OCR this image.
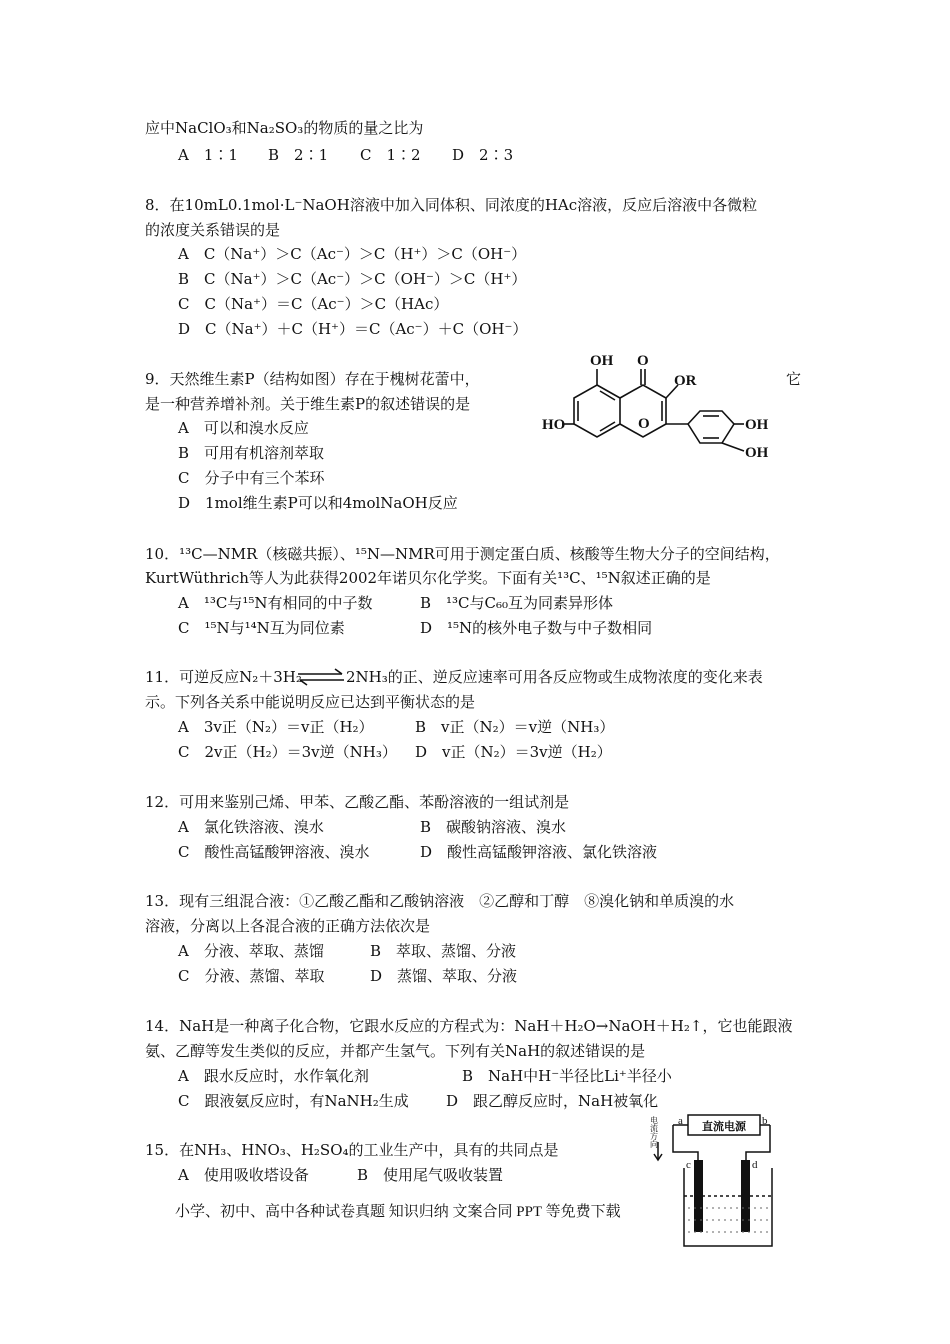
应中NaClO₃和Na₂SO₃的物质的量之比为
A　1∶1 B　2∶1 C　1∶2 D　2∶3
8．在10mL0.1mol·L⁻NaOH溶液中加入同体积、同浓度的HAc溶液，反应后溶液中各微粒
的浓度关系错误的是
A　C（Na⁺）＞C（Ac⁻）＞C（H⁺）＞C（OH⁻）
B　C（Na⁺）＞C（Ac⁻）＞C（OH⁻）＞C（H⁺）
C　C（Na⁺）＝C（Ac⁻）＞C（HAc）
D　C（Na⁺）＋C（H⁺）＝C（Ac⁻）＋C（OH⁻）
9．天然维生素P（结构如图）存在于槐树花蕾中，	它
是一种营养增补剂。关于维生素P的叙述错误的是
A　可以和溴水反应
B　可用有机溶剂萃取
C　分子中有三个苯环
D　1mol维生素P可以和4molNaOH反应
OH O
OR
HO	O	OH
OH
10．¹³C—NMR（核磁共振）、¹⁵N—NMR可用于测定蛋白质、核酸等生物大分子的空间结构，
KurtWüthrich等人为此获得2002年诺贝尔化学奖。下面有关¹³C、¹⁵N叙述正确的是
A　¹³C与¹⁵N有相同的中子数	B　¹³C与C₆₀互为同素异形体
C　¹⁵N与¹⁴N互为同位素	D　¹⁵N的核外电子数与中子数相同
11．可逆反应N₂＋3H₂ ⇌ 2NH₃的正、逆反应速率可用各反应物或生成物浓度的变化来表
示。下列各关系中能说明反应已达到平衡状态的是
A　3v正（N₂）＝v正（H₂）	B　v正（N₂）＝v逆（NH₃）
C　2v正（H₂）＝3v逆（NH₃） D　v正（N₂）＝3v逆（H₂）
12．可用来鉴别己烯、甲苯、乙酸乙酯、苯酚溶液的一组试剂是
A　氯化铁溶液、溴水	B　碳酸钠溶液、溴水
C　酸性高锰酸钾溶液、溴水	D　酸性高锰酸钾溶液、氯化铁溶液
13．现有三组混合液：①乙酸乙酯和乙酸钠溶液　②乙醇和丁醇　⑧溴化钠和单质溴的水
溶液，分离以上各混合液的正确方法依次是
A　分液、萃取、蒸馏	B　萃取、蒸馏、分液
C　分液、蒸馏、萃取	D　蒸馏、萃取、分液
14．NaH是一种离子化合物，它跟水反应的方程式为：NaH＋H₂O→NaOH＋H₂↑，它也能跟液
氨、乙醇等发生类似的反应，并都产生氢气。下列有关NaH的叙述错误的是
A　跟水反应时，水作氧化剂	B　NaH中H⁻半径比Li⁺半径小
C　跟液氨反应时，有NaNH₂生成 D　跟乙醇反应时，NaH被氧化
15．在NH₃、HNO₃、H₂SO₄的工业生产中，具有的共同点是
A　使用吸收塔设备	B　使用尾气吸收装置
直流电源
a	b
c	d
电流方向
小学、初中、高中各种试卷真题 知识归纳 文案合同 PPT 等免费下载
